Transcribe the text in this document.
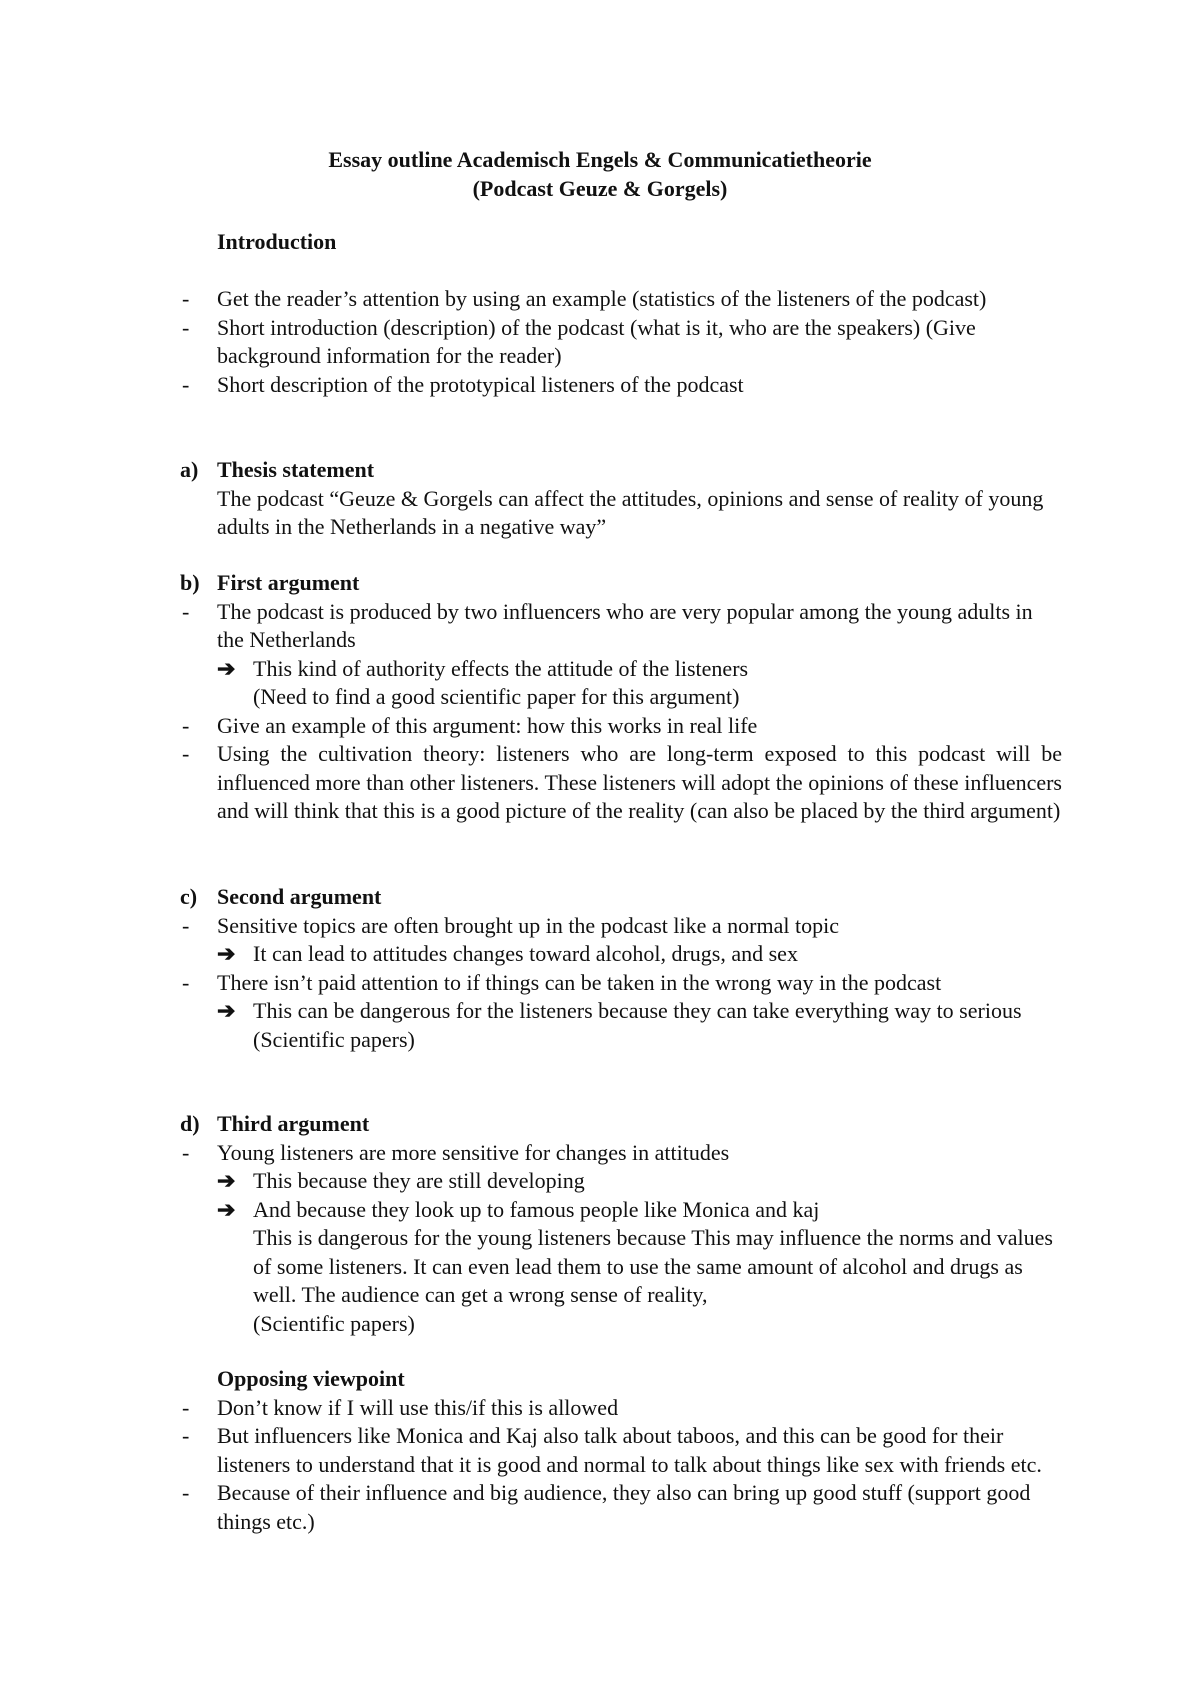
Essay outline Academisch Engels & Communicatietheorie
(Podcast Geuze & Gorgels)
Introduction
- Get the reader’s attention by using an example (statistics of the listeners of the podcast)
- Short introduction (description) of the podcast (what is it, who are the speakers) (Give background information for the reader)
- Short description of the prototypical listeners of the podcast
a) Thesis statement
The podcast “Geuze & Gorgels can affect the attitudes, opinions and sense of reality of young adults in the Netherlands in a negative way”
b) First argument
- The podcast is produced by two influencers who are very popular among the young adults in the Netherlands
➔ This kind of authority effects the attitude of the listeners
(Need to find a good scientific paper for this argument)
- Give an example of this argument: how this works in real life
- Using the cultivation theory: listeners who are long-term exposed to this podcast will be influenced more than other listeners. These listeners will adopt the opinions of these influencers and will think that this is a good picture of the reality (can also be placed by the third argument)
c) Second argument
- Sensitive topics are often brought up in the podcast like a normal topic
➔ It can lead to attitudes changes toward alcohol, drugs, and sex
- There isn’t paid attention to if things can be taken in the wrong way in the podcast
➔ This can be dangerous for the listeners because they can take everything way to serious
(Scientific papers)
d) Third argument
- Young listeners are more sensitive for changes in attitudes
➔ This because they are still developing
➔ And because they look up to famous people like Monica and kaj
This is dangerous for the young listeners because This may influence the norms and values of some listeners. It can even lead them to use the same amount of alcohol and drugs as well. The audience can get a wrong sense of reality,
(Scientific papers)
Opposing viewpoint
- Don’t know if I will use this/if this is allowed
- But influencers like Monica and Kaj also talk about taboos, and this can be good for their listeners to understand that it is good and normal to talk about things like sex with friends etc.
- Because of their influence and big audience, they also can bring up good stuff (support good things etc.)
